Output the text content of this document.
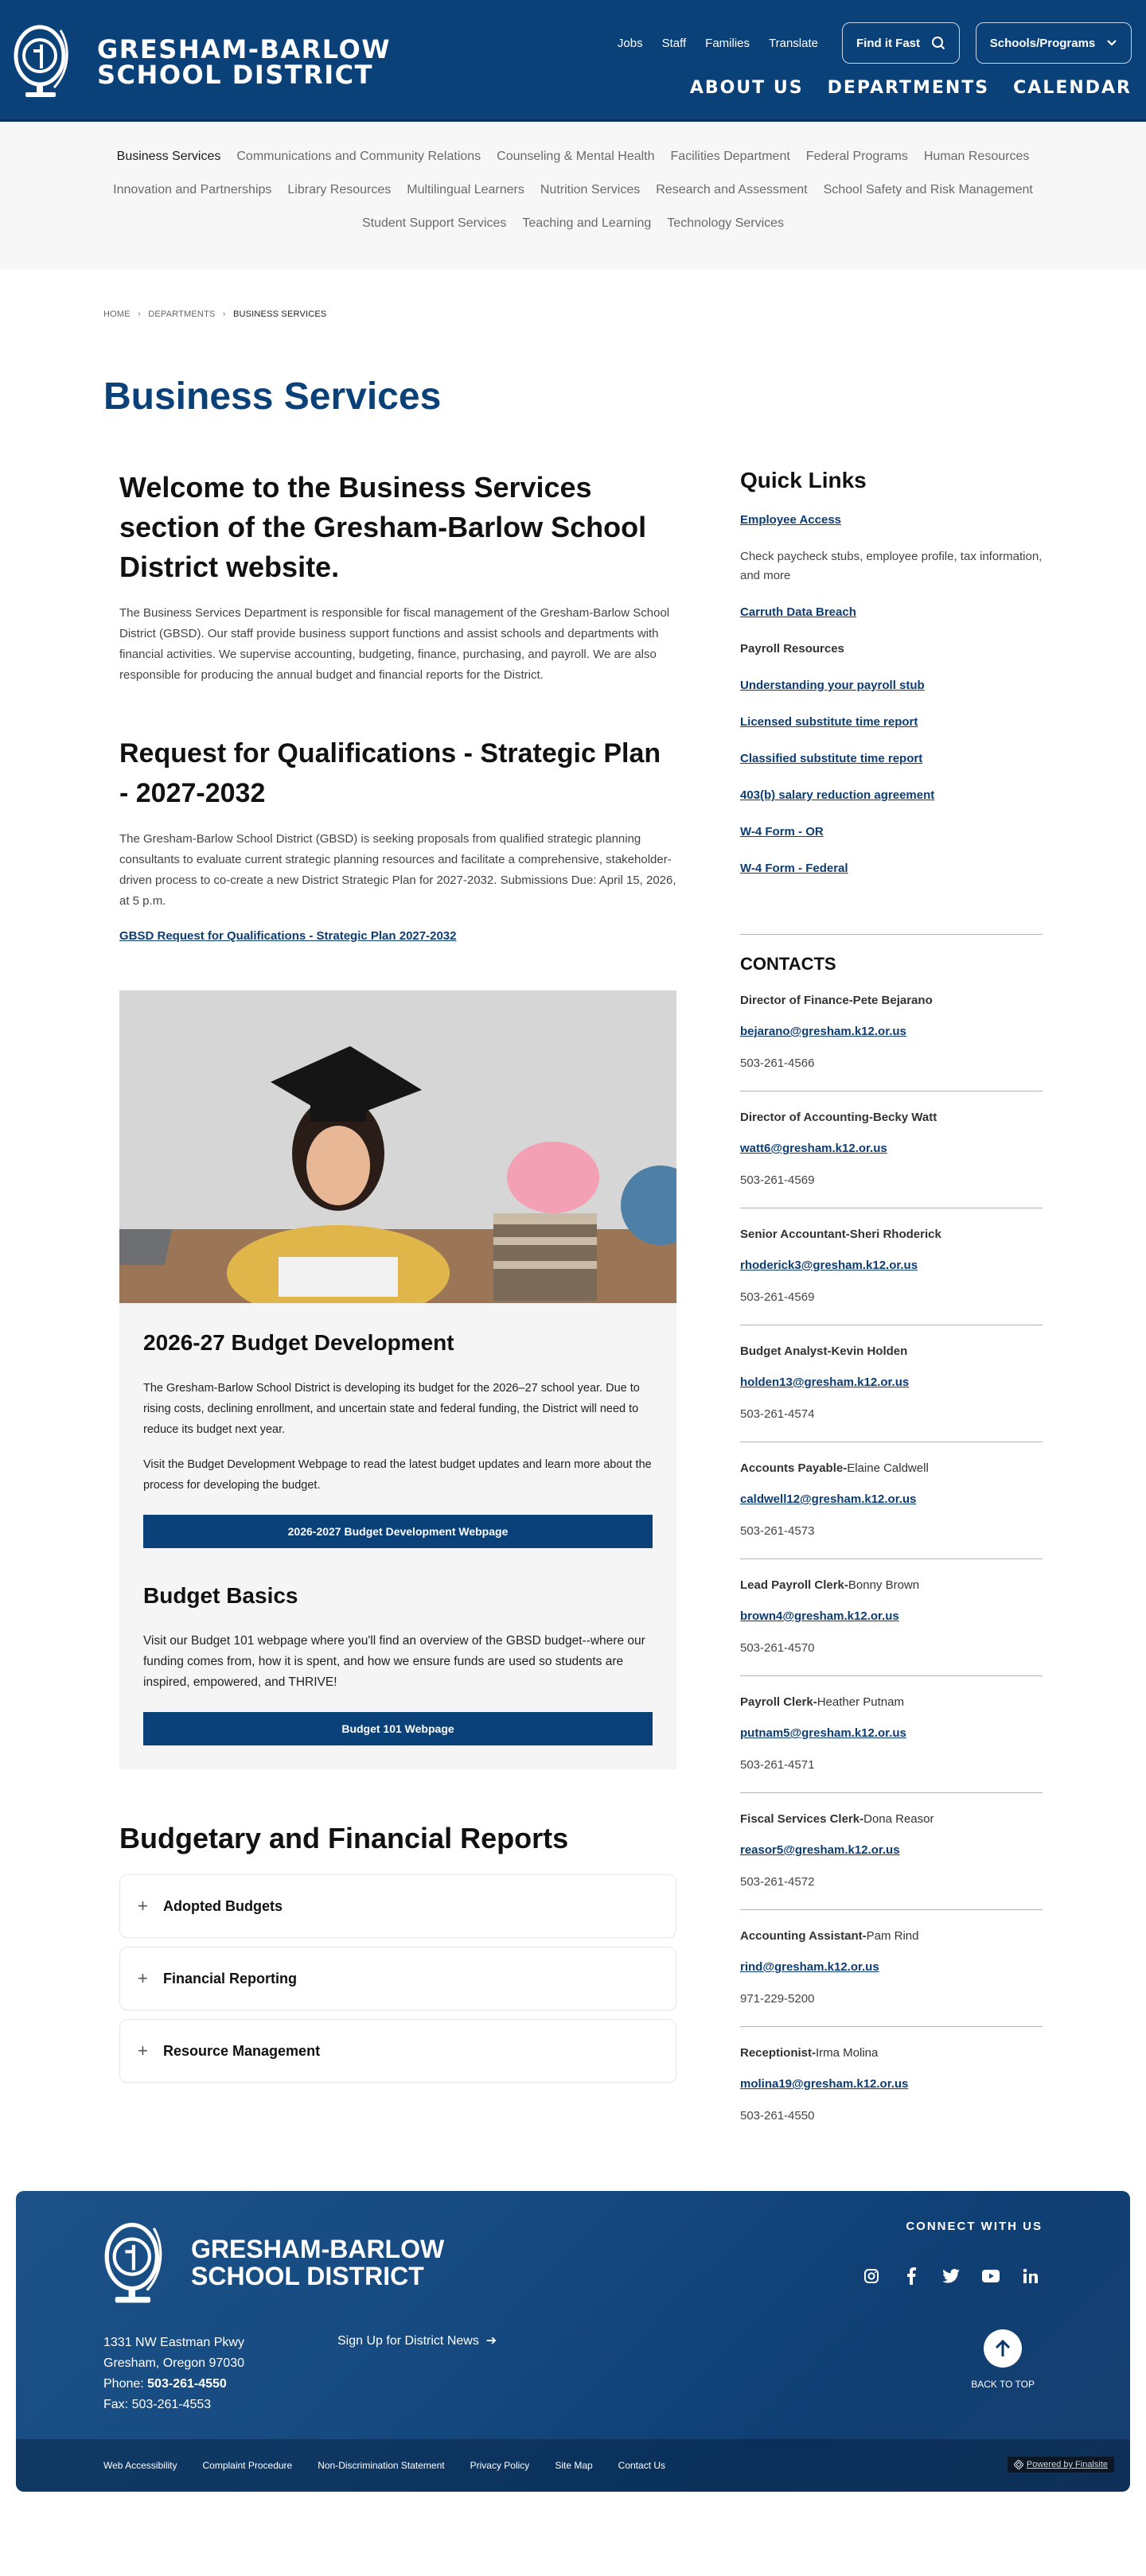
GRESHAM-BARLOW
SCHOOL DISTRICT
Jobs Staff Families Translate	Find it Fast	Schools/Programs
ABOUT US DEPARTMENTS CALENDAR
Business Services Communications and Community Relations Counseling & Mental Health Facilities Department Federal Programs Human Resources
Innovation and Partnerships Library Resources Multilingual Learners Nutrition Services Research and Assessment School Safety and Risk Management
Student Support Services Teaching and Learning Technology Services
HOME › DEPARTMENTS › BUSINESS SERVICES
Business Services
Welcome to the Business Services section of the Gresham-Barlow School District website.

The Business Services Department is responsible for fiscal management of the Gresham-Barlow School District (GBSD). Our staff provide business support functions and assist schools and departments with financial activities. We supervise accounting, budgeting, finance, purchasing, and payroll. We are also responsible for producing the annual budget and financial reports for the District.

Request for Qualifications - Strategic Plan - 2027-2032

The Gresham-Barlow School District (GBSD) is seeking proposals from qualified strategic planning consultants to evaluate current strategic planning resources and facilitate a comprehensive, stakeholder-driven process to co-create a new District Strategic Plan for 2027-2032. Submissions Due: April 15, 2026, at 5 p.m.

GBSD Request for Qualifications - Strategic Plan 2027-2032
2026-27 Budget Development

The Gresham-Barlow School District is developing its budget for the 2026–27 school year. Due to rising costs, declining enrollment, and uncertain state and federal funding, the District will need to reduce its budget next year.

Visit the Budget Development Webpage to read the latest budget updates and learn more about the process for developing the budget.

2026-2027 Budget Development Webpage
Budget Basics

Visit our Budget 101 webpage where you'll find an overview of the GBSD budget--where our funding comes from, how it is spent, and how we ensure funds are used so students are inspired, empowered, and THRIVE!

Budget 101 Webpage
Budgetary and Financial Reports
+	Adopted Budgets
+	Financial Reporting
+	Resource Management
Quick Links
Employee Access
Check paycheck stubs, employee profile, tax information, and more
Carruth Data Breach
Payroll Resources
Understanding your payroll stub
Licensed substitute time report
Classified substitute time report
403(b) salary reduction agreement
W-4 Form - OR
W-4 Form - Federal
CONTACTS
Director of Finance-Pete Bejarano
bejarano@gresham.k12.or.us
503-261-4566
Director of Accounting-Becky Watt
watt6@gresham.k12.or.us
503-261-4569
Senior Accountant-Sheri Rhoderick
rhoderick3@gresham.k12.or.us
503-261-4569
Budget Analyst-Kevin Holden
holden13@gresham.k12.or.us
503-261-4574
Accounts Payable-Elaine Caldwell
caldwell12@gresham.k12.or.us
503-261-4573
Lead Payroll Clerk-Bonny Brown
brown4@gresham.k12.or.us
503-261-4570
Payroll Clerk-Heather Putnam
putnam5@gresham.k12.or.us
503-261-4571
Fiscal Services Clerk-Dona Reasor
reasor5@gresham.k12.or.us
503-261-4572
Accounting Assistant-Pam Rind
rind@gresham.k12.or.us
971-229-5200
Receptionist-Irma Molina
molina19@gresham.k12.or.us
503-261-4550
GRESHAM-BARLOW
SCHOOL DISTRICT
1331 NW Eastman Pkwy
Gresham, Oregon 97030
Phone: 503-261-4550
Fax: 503-261-4553
Sign Up for District News  ➔
CONNECT WITH US
BACK TO TOP
Web Accessibility	Complaint Procedure	Non-Discrimination Statement	Privacy Policy	Site Map	Contact Us	Powered by Finalsite
